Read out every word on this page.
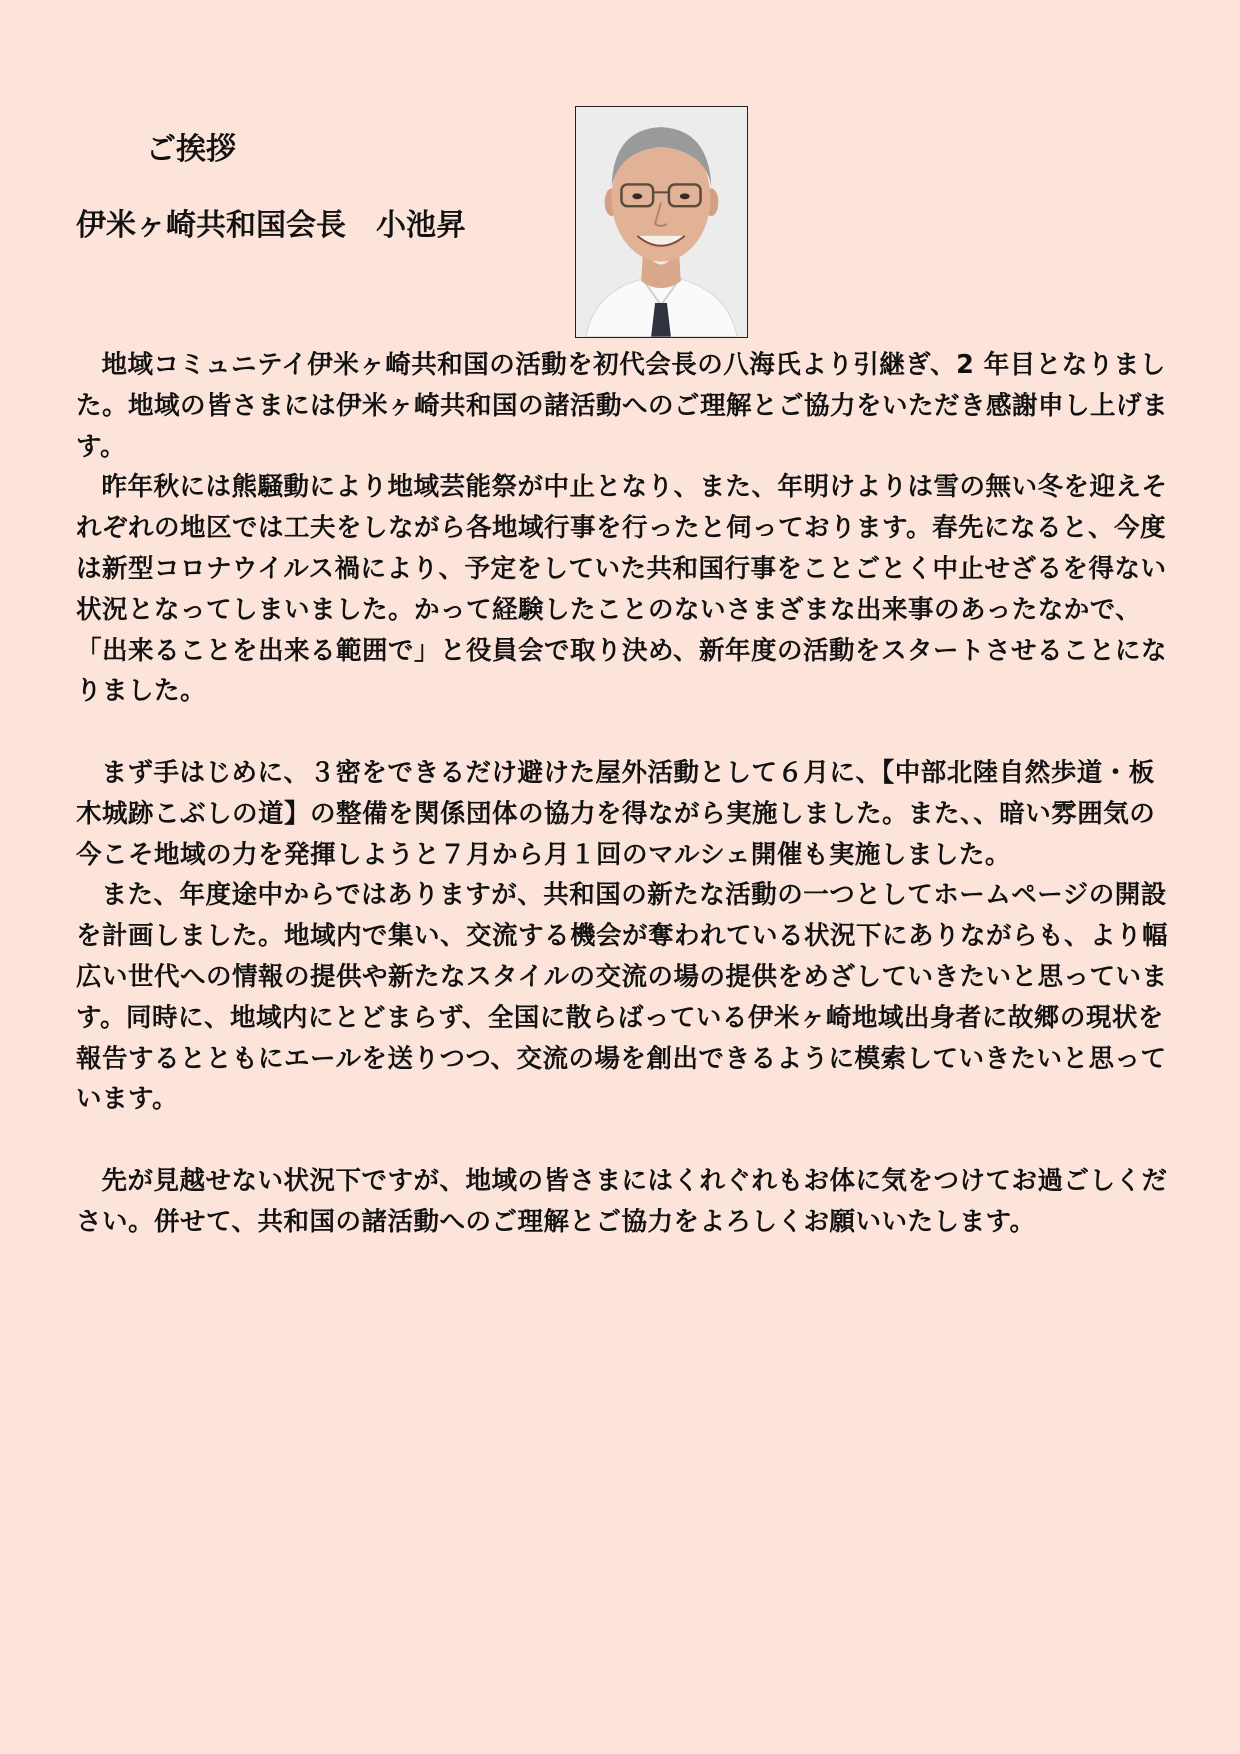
ご挨拶
伊米ヶ崎共和国会長　小池昇

地域コミュニテイ伊米ヶ崎共和国の活動を初代会長の八海氏より引継ぎ、2 年目となりました。地域の皆さまには伊米ヶ崎共和国の諸活動へのご理解とご協力をいただき感謝申し上げます。

昨年秋には熊騒動により地域芸能祭が中止となり、また、年明けよりは雪の無い冬を迎えそれぞれの地区では工夫をしながら各地域行事を行ったと伺っております。春先になると、今度は新型コロナウイルス禍により、予定をしていた共和国行事をことごとく中止せざるを得ない状況となってしまいました。かって経験したことのないさまざまな出来事のあったなかで、「出来ることを出来る範囲で」と役員会で取り決め、新年度の活動をスタートさせることになりました。

まず手はじめに、３密をできるだけ避けた屋外活動として６月に、【中部北陸自然歩道・板木城跡こぶしの道】の整備を関係団体の協力を得ながら実施しました。また、、暗い雰囲気の今こそ地域の力を発揮しようと７月から月１回のマルシェ開催も実施しました。

また、年度途中からではありますが、共和国の新たな活動の一つとしてホームページの開設を計画しました。地域内で集い、交流する機会が奪われている状況下にありながらも、より幅広い世代への情報の提供や新たなスタイルの交流の場の提供をめざしていきたいと思っています。同時に、地域内にとどまらず、全国に散らばっている伊米ヶ崎地域出身者に故郷の現状を報告するとともにエールを送りつつ、交流の場を創出できるように模索していきたいと思っています。

先が見越せない状況下ですが、地域の皆さまにはくれぐれもお体に気をつけてお過ごしください。併せて、共和国の諸活動へのご理解とご協力をよろしくお願いいたします。
